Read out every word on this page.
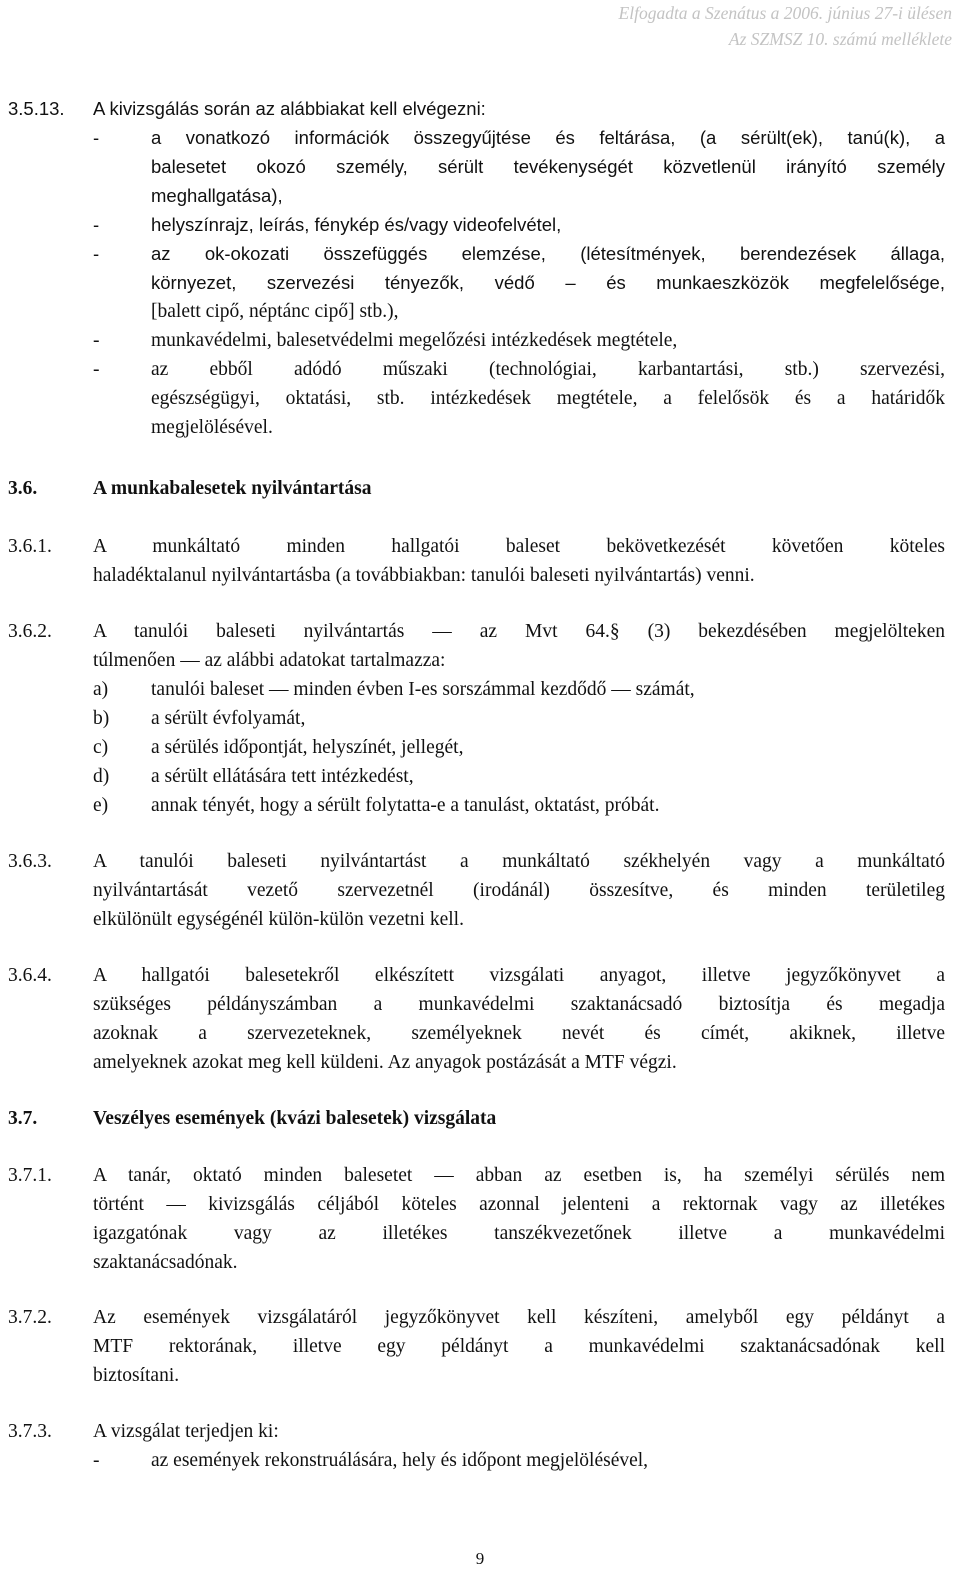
Elfogadta a Szenátus a 2006. június 27-i ülésen
Az SZMSZ 10. számú melléklete
3.5.13. A kivizsgálás során az alábbiakat kell elvégezni:
-	a vonatkozó információk összegyűjtése és feltárása, (a sérült(ek), tanú(k), a
balesetet okozó személy, sérült tevékenységét közvetlenül irányító személy
meghallgatása),
-	helyszínrajz, leírás, fénykép és/vagy videofelvétel,
-	az ok-okozati összefüggés elemzése, (létesítmények, berendezések állaga,
környezet, szervezési tényezők, védő – és munkaeszközök megfelelősége,
[balett cipő, néptánc cipő] stb.),
-	munkavédelmi, balesetvédelmi megelőzési intézkedések megtétele,
-	az ebből adódó műszaki (technológiai, karbantartási, stb.) szervezési,
egészségügyi, oktatási, stb. intézkedések megtétele, a felelősök és a határidők
megjelölésével.
3.6.	A munkabalesetek nyilvántartása
3.6.1. A munkáltató minden hallgatói baleset bekövetkezését követően köteles
haladéktalanul nyilvántartásba (a továbbiakban: tanulói baleseti nyilvántartás) venni.
3.6.2. A tanulói baleseti nyilvántartás — az Mvt 64.§ (3) bekezdésében megjelölteken
túlmenően — az alábbi adatokat tartalmazza:
a) tanulói baleset — minden évben I-es sorszámmal kezdődő — számát,
b) a sérült évfolyamát,
c) a sérülés időpontját, helyszínét, jellegét,
d) a sérült ellátására tett intézkedést,
e) annak tényét, hogy a sérült folytatta-e a tanulást, oktatást, próbát.
3.6.3. A tanulói baleseti nyilvántartást a munkáltató székhelyén vagy a munkáltató
nyilvántartását vezető szervezetnél (irodánál) összesítve, és minden területileg
elkülönült egységénél külön-külön vezetni kell.
3.6.4. A hallgatói balesetekről elkészített vizsgálati anyagot, illetve jegyzőkönyvet a
szükséges példányszámban a munkavédelmi szaktanácsadó biztosítja és megadja
azoknak a szervezeteknek, személyeknek nevét és címét, akiknek, illetve
amelyeknek azokat meg kell küldeni. Az anyagok postázását a MTF végzi.
3.7.	Veszélyes események (kvázi balesetek) vizsgálata
3.7.1. A tanár, oktató minden balesetet — abban az esetben is, ha személyi sérülés nem
történt — kivizsgálás céljából köteles azonnal jelenteni a rektornak vagy az illetékes
igazgatónak vagy az illetékes tanszékvezetőnek illetve a munkavédelmi
szaktanácsadónak.
3.7.2. Az események vizsgálatáról jegyzőkönyvet kell készíteni, amelyből egy példányt a
MTF rektorának, illetve egy példányt a munkavédelmi szaktanácsadónak kell
biztosítani.
3.7.3. A vizsgálat terjedjen ki:
-	az események rekonstruálására, hely és időpont megjelölésével,
9
